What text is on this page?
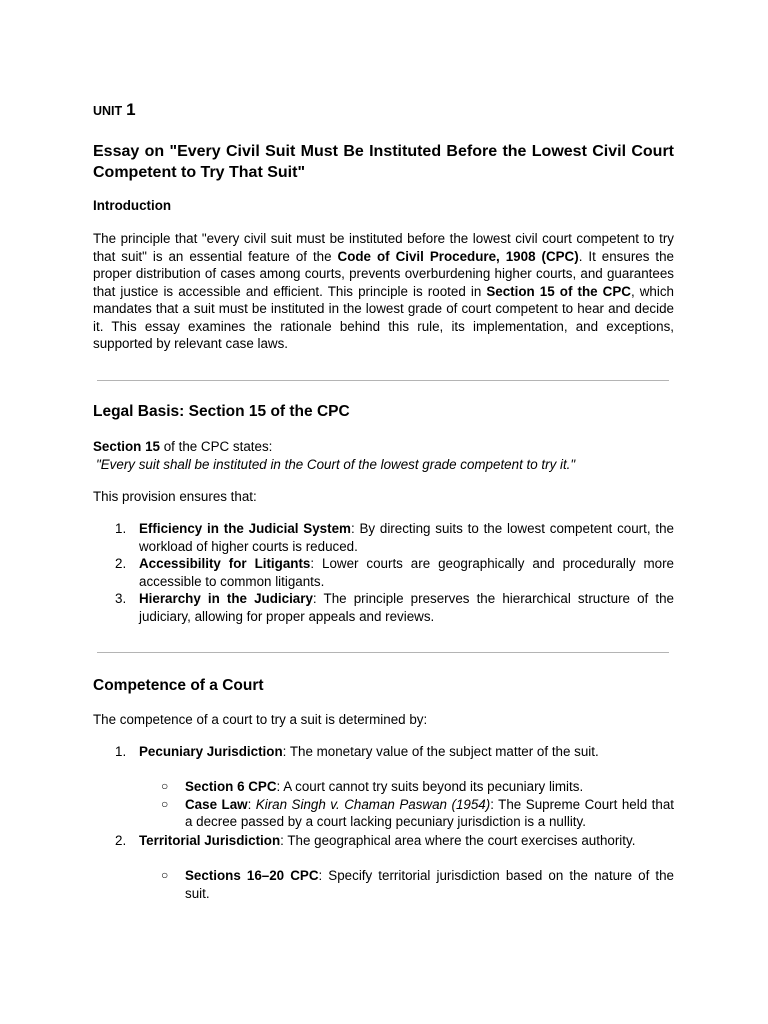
UNIT 1

Essay on "Every Civil Suit Must Be Instituted Before the Lowest Civil Court Competent to Try That Suit"

Introduction

The principle that "every civil suit must be instituted before the lowest civil court competent to try that suit" is an essential feature of the Code of Civil Procedure, 1908 (CPC). It ensures the proper distribution of cases among courts, prevents overburdening higher courts, and guarantees that justice is accessible and efficient. This principle is rooted in Section 15 of the CPC, which mandates that a suit must be instituted in the lowest grade of court competent to hear and decide it. This essay examines the rationale behind this rule, its implementation, and exceptions, supported by relevant case laws.

Legal Basis: Section 15 of the CPC

Section 15 of the CPC states:

"Every suit shall be instituted in the Court of the lowest grade competent to try it."

This provision ensures that:

1. Efficiency in the Judicial System: By directing suits to the lowest competent court, the workload of higher courts is reduced.
2. Accessibility for Litigants: Lower courts are geographically and procedurally more accessible to common litigants.
3. Hierarchy in the Judiciary: The principle preserves the hierarchical structure of the judiciary, allowing for proper appeals and reviews.

Competence of a Court

The competence of a court to try a suit is determined by:

1. Pecuniary Jurisdiction: The monetary value of the subject matter of the suit.
○ Section 6 CPC: A court cannot try suits beyond its pecuniary limits.
○ Case Law: Kiran Singh v. Chaman Paswan (1954): The Supreme Court held that a decree passed by a court lacking pecuniary jurisdiction is a nullity.
2. Territorial Jurisdiction: The geographical area where the court exercises authority.
○ Sections 16–20 CPC: Specify territorial jurisdiction based on the nature of the suit.
